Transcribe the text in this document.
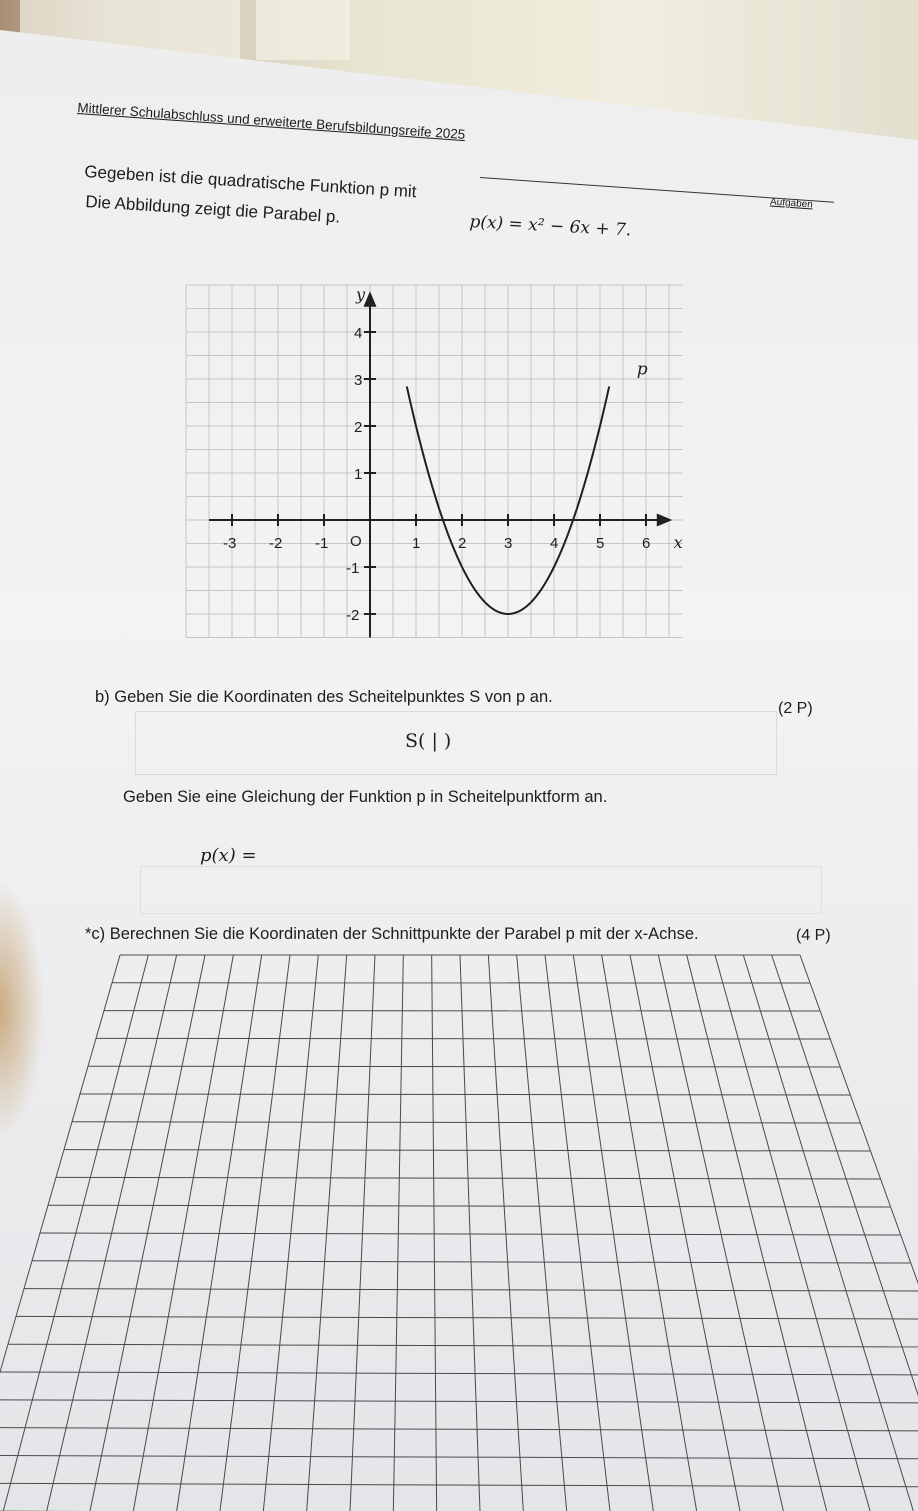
Mittlerer Schulabschluss und erweiterte Berufsbildungsreife 2025
Aufgaben
Gegeben ist die quadratische Funktion p mit
p(x) = x² − 6x + 7.
Die Abbildung zeigt die Parabel p.
-3 -2 -1	1	2	3	4	5	6
4
3
2
1
-1
-2
O
p
x
y
b) Geben Sie die Koordinaten des Scheitelpunktes S von p an.
(2 P)
S( | )
Geben Sie eine Gleichung der Funktion p in Scheitelpunktform an.
p(x) =
*c) Berechnen Sie die Koordinaten der Schnittpunkte der Parabel p mit der x-Achse.	(4 P)
